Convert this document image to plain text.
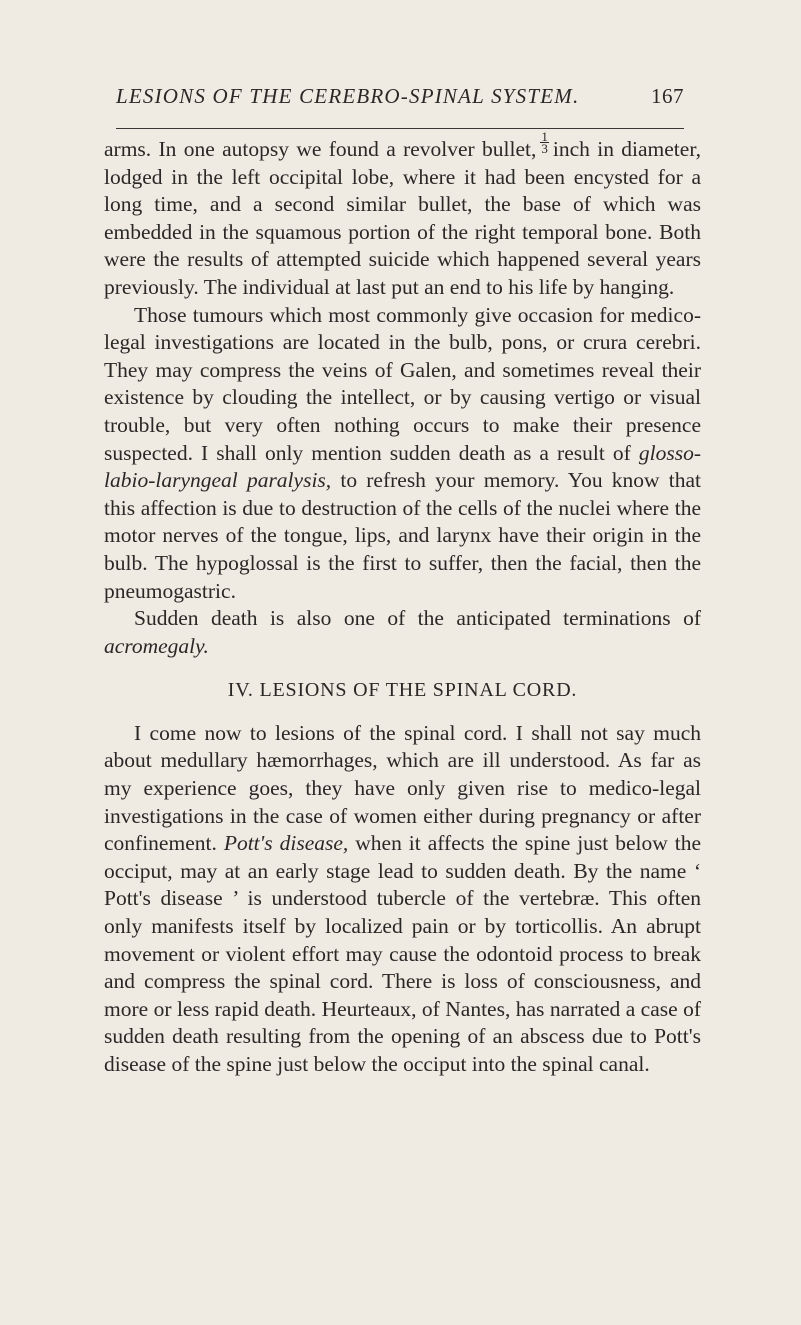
LESIONS OF THE CEREBRO-SPINAL SYSTEM.	167

arms. In one autopsy we found a revolver bullet, $\frac{1}{3}$ inch in diameter, lodged in the left occipital lobe, where it had been encysted for a long time, and a second similar bullet, the base of which was embedded in the squamous portion of the right temporal bone. Both were the results of attempted suicide which happened several years previously. The individual at last put an end to his life by hanging.

Those tumours which most commonly give occasion for medico-legal investigations are located in the bulb, pons, or crura cerebri. They may compress the veins of Galen, and sometimes reveal their existence by clouding the intellect, or by causing vertigo or visual trouble, but very often nothing occurs to make their presence suspected. I shall only mention sudden death as a result of glosso-labio-laryngeal paralysis, to refresh your memory. You know that this affection is due to destruction of the cells of the nuclei where the motor nerves of the tongue, lips, and larynx have their origin in the bulb. The hypoglossal is the first to suffer, then the facial, then the pneumogastric.

Sudden death is also one of the anticipated terminations of acromegaly.

IV. LESIONS OF THE SPINAL CORD.

I come now to lesions of the spinal cord. I shall not say much about medullary hæmorrhages, which are ill understood. As far as my experience goes, they have only given rise to medico-legal investigations in the case of women either during pregnancy or after confinement. Pott's disease, when it affects the spine just below the occiput, may at an early stage lead to sudden death. By the name ‘ Pott's disease ’ is understood tubercle of the vertebræ. This often only manifests itself by localized pain or by torticollis. An abrupt movement or violent effort may cause the odontoid process to break and compress the spinal cord. There is loss of consciousness, and more or less rapid death. Heurteaux, of Nantes, has narrated a case of sudden death resulting from the opening of an abscess due to Pott's disease of the spine just below the occiput into the spinal canal.
